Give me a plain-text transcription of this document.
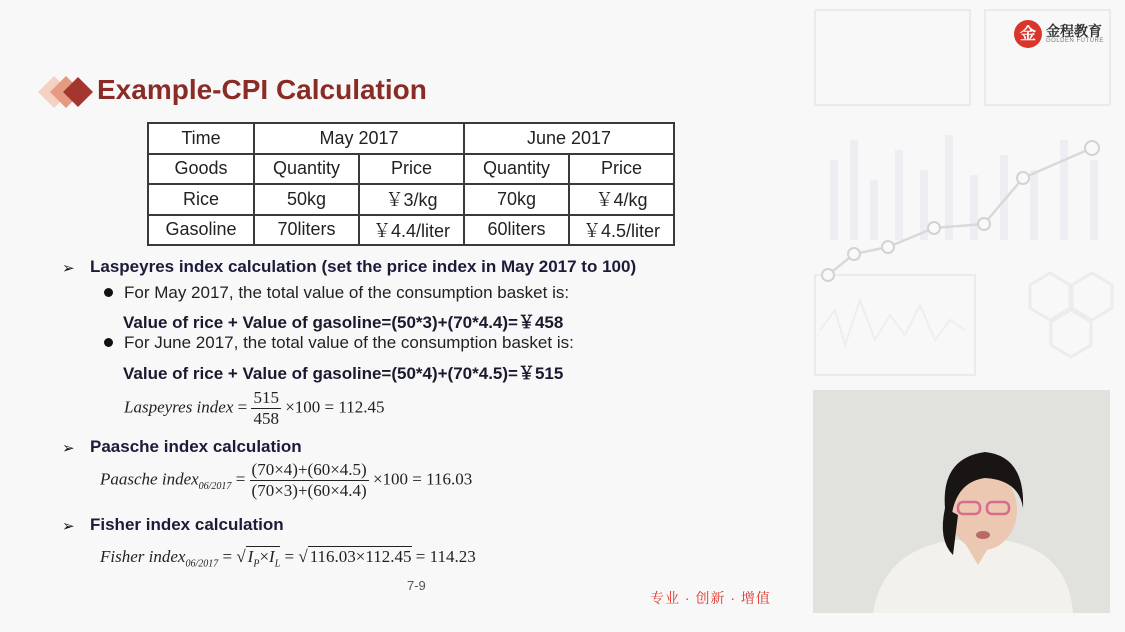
金 金程教育
GOLDEN FUTURE
Example-CPI Calculation
Time	May 2017		June 2017	
Goods	Quantity	Price	Quantity	Price
Rice	50kg	￥3/kg	70kg	￥4/kg
Gasoline	70liters	￥4.4/liter	60liters	￥4.5/liter
➢ Laspeyres index calculation (set the price index in May 2017 to 100)
For May 2017, the total value of the consumption basket is:
Value of rice + Value of gasoline=(50*3)+(70*4.4)=￥458
For June 2017, the total value of the consumption basket is:
Value of rice + Value of gasoline=(50*4)+(70*4.5)=￥515
Laspeyres index = $\frac{515}{458} \times 100 = 112.45$
➢ Paasche index calculation
Paasche index$_{06/2017}$ = $\frac{(70\times 4)+(60\times 4.5)}{(70\times 3)+(60\times 4.4)} \times 100 = 116.03$
➢ Fisher index calculation
Fisher index$_{06/2017}$ = √ $I_P\times I_L$ = √ 116.03×112.45 = 114.23
7-9
专业 · 创新 · 增值
